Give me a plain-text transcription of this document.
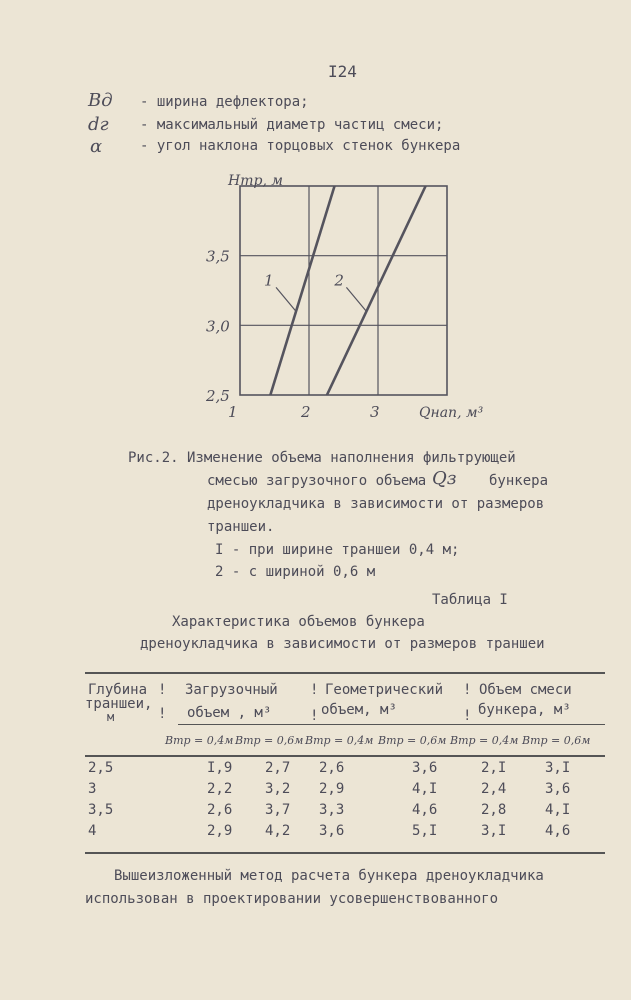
I24
Вд - ширина дефлектора;
dг - максимальный диаметр частиц смеси;
α	- угол наклона торцовых стенок бункера
1	2	3
2,5
3,0
3,5
Qнап, м³
Нтр, м
1	2
Рис.2. Изменение объема наполнения фильтрующей
смесью загрузочного объема Qз бункера
дреноукладчика в зависимости от размеров
траншеи.
I - при ширине траншеи 0,4 м;
2 - с шириной 0,6 м
Таблица I
Характеристика объемов бункера
дреноукладчика в зависимости от размеров траншеи
Глубина
траншеи,
м
Загрузочный
объем , м³
Геометрический
объем, м³
Объем смеси
бункера, м³
!	!	!
!	!	!
Втр = 0,4м Втр = 0,6м Втр = 0,4м Втр = 0,6м Втр = 0,4м Втр = 0,6м
2,5	I,9 2,7 2,6	3,6	2,I	3,I
3	2,2 3,2 2,9	4,I	2,4	3,6
3,5	2,6 3,7 3,3	4,6	2,8	4,I
4	2,9 4,2 3,6	5,I	3,I	4,6
Вышеизложенный метод расчета бункера дреноукладчика
использован в проектировании усовершенствованного
